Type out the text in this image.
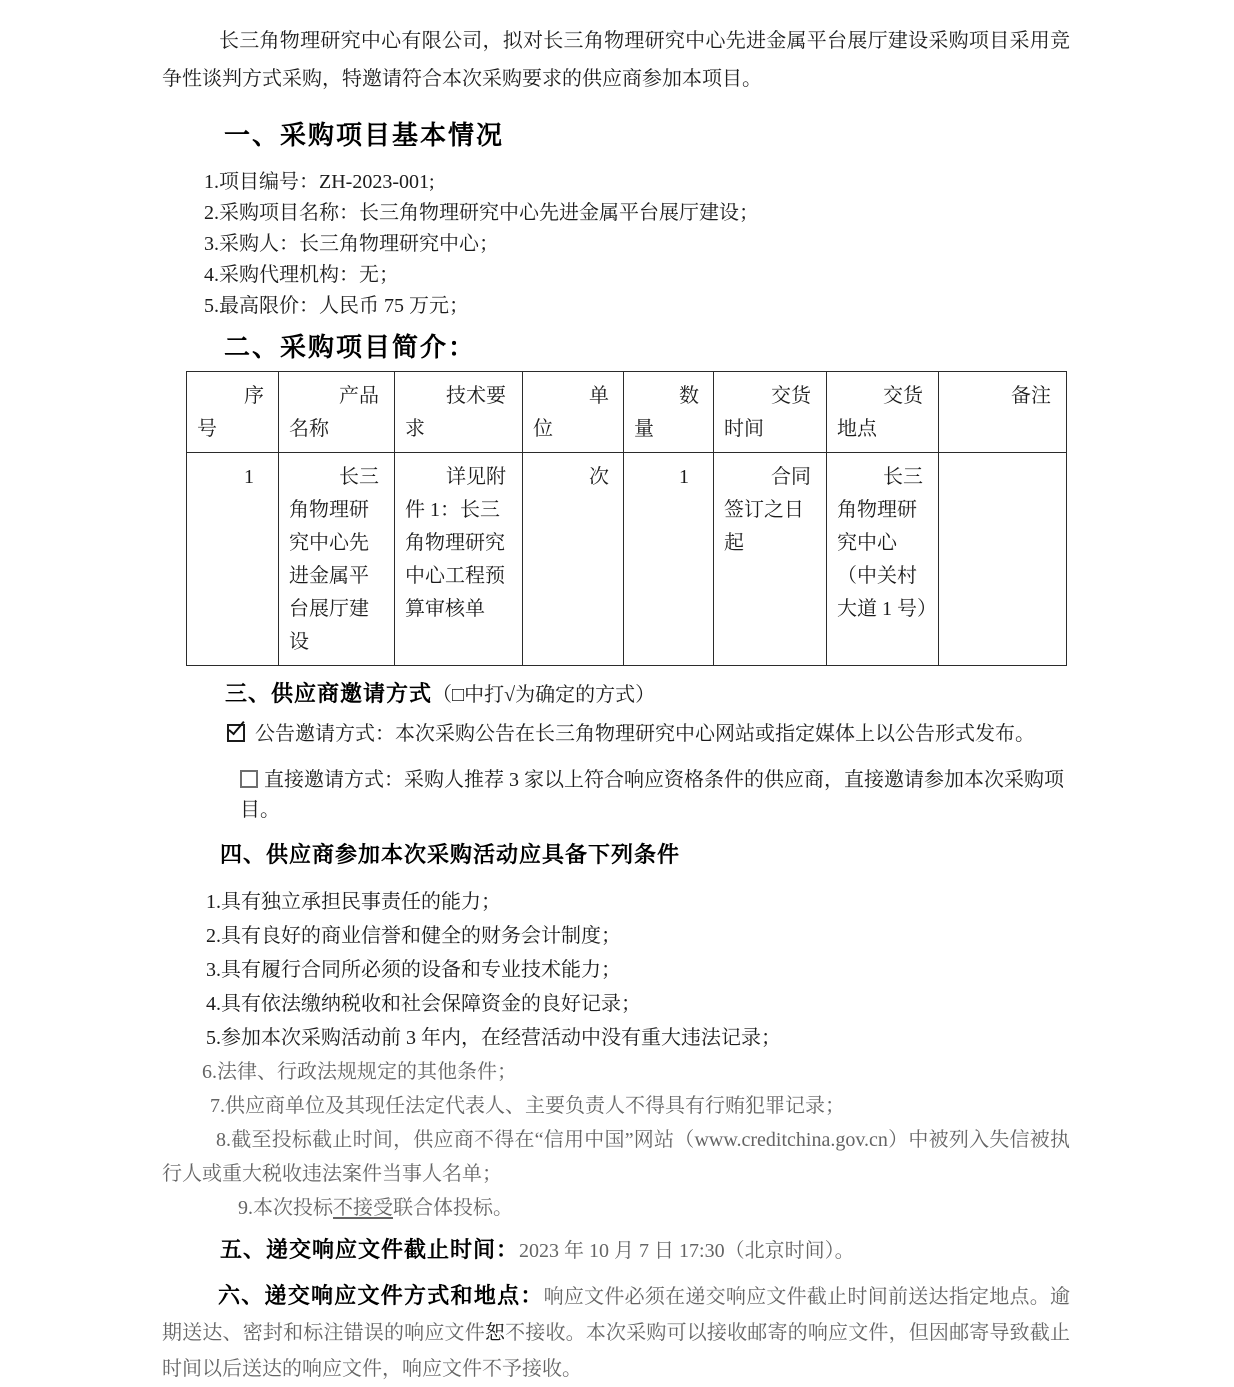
长三角物理研究中心有限公司，拟对长三角物理研究中心先进金属平台展厅建设采购项目采用竞争性谈判方式采购，特邀请符合本次采购要求的供应商参加本项目。

一、采购项目基本情况

1.项目编号：ZH-2023-001;

2.采购项目名称：长三角物理研究中心先进金属平台展厅建设；

3.采购人：长三角物理研究中心；

4.采购代理机构：无；

5.最高限价：人民币 75 万元；

二、采购项目简介：

序号	产品名称	技术要求	单位	数量	交货时间	交货地点	备注
1	长三角物理研究中心先进金属平台展厅建设	详见附件 1：长三角物理研究中心工程预算审核单	次	1	合同签订之日起	长三角物理研究中心（中关村大道 1 号）	

三、供应商邀请方式（□中打√为确定的方式）

公告邀请方式：本次采购公告在长三角物理研究中心网站或指定媒体上以公告形式发布。

直接邀请方式：采购人推荐 3 家以上符合响应资格条件的供应商，直接邀请参加本次采购项目。

四、供应商参加本次采购活动应具备下列条件

1.具有独立承担民事责任的能力；

2.具有良好的商业信誉和健全的财务会计制度；

3.具有履行合同所必须的设备和专业技术能力；

4.具有依法缴纳税收和社会保障资金的良好记录；

5.参加本次采购活动前 3 年内，在经营活动中没有重大违法记录；

6.法律、行政法规规定的其他条件；

7.供应商单位及其现任法定代表人、主要负责人不得具有行贿犯罪记录；

8.截至投标截止时间，供应商不得在“信用中国”网站（www.creditchina.gov.cn）中被列入失信被执行人或重大税收违法案件当事人名单；

9.本次投标不接受联合体投标。

五、递交响应文件截止时间：2023 年 10 月 7 日 17:30（北京时间）。

六、递交响应文件方式和地点：响应文件必须在递交响应文件截止时间前送达指定地点。逾期送达、密封和标注错误的响应文件恕不接收。本次采购可以接收邮寄的响应文件，但因邮寄导致截止时间以后送达的响应文件，响应文件不予接收。
